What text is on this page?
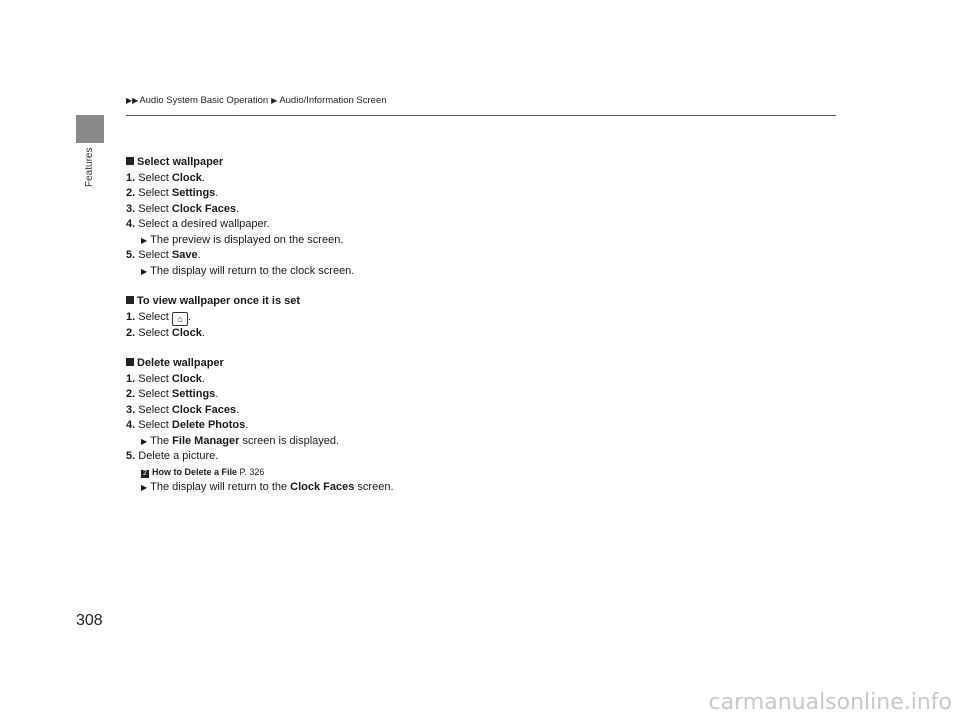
Features
▶▶ Audio System Basic Operation ▶ Audio/Information Screen
Select wallpaper
1. Select Clock.
2. Select Settings.
3. Select Clock Faces.
4. Select a desired wallpaper.
▶ The preview is displayed on the screen.
5. Select Save.
▶ The display will return to the clock screen.
To view wallpaper once it is set
1. Select ⌂ .
2. Select Clock.
Delete wallpaper
1. Select Clock.
2. Select Settings.
3. Select Clock Faces.
4. Select Delete Photos.
▶ The File Manager screen is displayed.
5. Delete a picture.
2 How to Delete a File P. 326
▶ The display will return to the Clock Faces screen.
308
carmanualsonline.info
